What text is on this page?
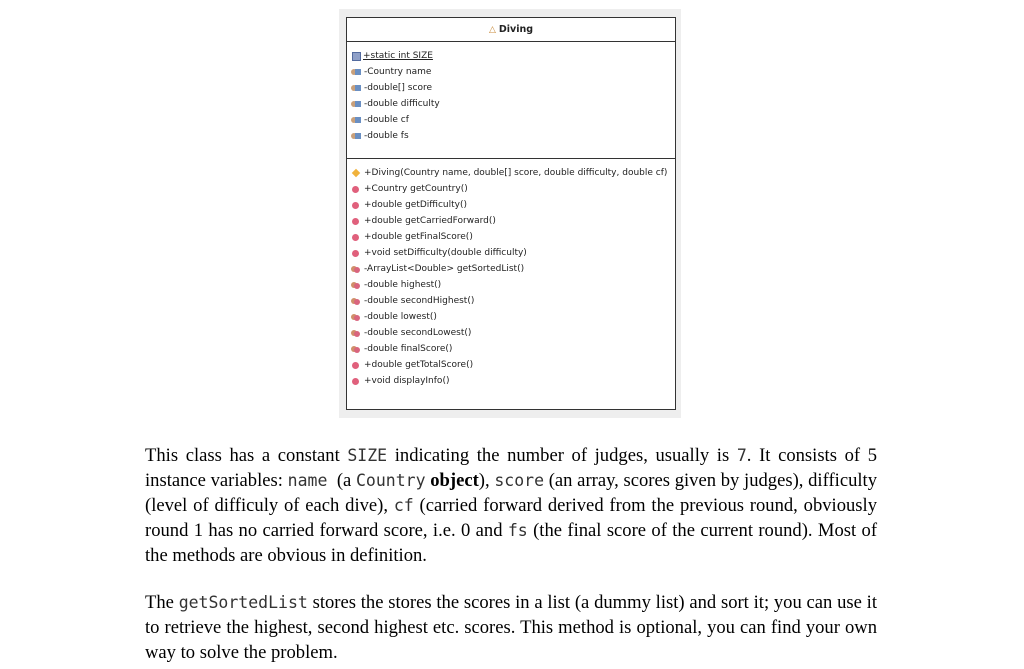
△ Diving
+static int SIZE
-Country name
-double[] score
-double difficulty
-double cf
-double fs
+Diving(Country name, double[] score, double difficulty, double cf)
+Country getCountry()
+double getDifficulty()
+double getCarriedForward()
+double getFinalScore()
+void setDifficulty(double difficulty)
-ArrayList<Double> getSortedList()
-double highest()
-double secondHighest()
-double lowest()
-double secondLowest()
-double finalScore()
+double getTotalScore()
+void displayInfo()

This class has a constant SIZE indicating the number of judges, usually is 7. It consists of 5 instance variables: name  (a Country object), score (an array, scores given by judges), difficulty (level of difficuly of each dive), cf (carried forward derived from the previous round, obviously round 1 has no carried forward score, i.e. 0 and fs (the final score of the current round). Most of the methods are obvious in definition.

The getSortedList stores the stores the scores in a list (a dummy list) and sort it; you can use it to retrieve the highest, second highest etc. scores. This method is optional, you can find your own way to solve the problem.
